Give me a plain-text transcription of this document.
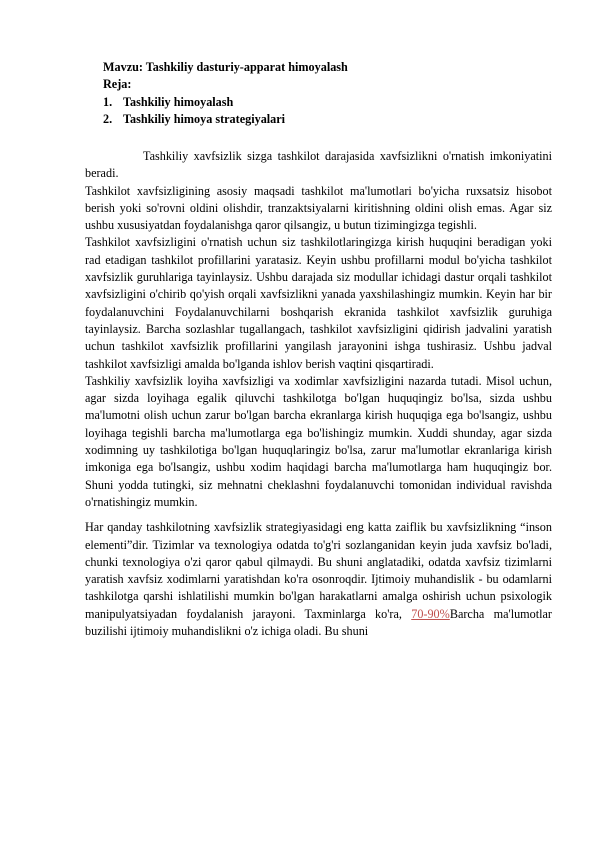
Mavzu: Tashkiliy dasturiy-apparat himoyalash
Reja:
1. Tashkiliy himoyalash
2. Tashkiliy himoya strategiyalari

Tashkiliy xavfsizlik sizga tashkilot darajasida xavfsizlikni o'rnatish imkoniyatini beradi.

Tashkilot xavfsizligining asosiy maqsadi tashkilot ma'lumotlari bo'yicha ruxsatsiz hisobot berish yoki so'rovni oldini olishdir, tranzaktsiyalarni kiritishning oldini olish emas. Agar siz ushbu xususiyatdan foydalanishga qaror qilsangiz, u butun tizimingizga tegishli.

Tashkilot xavfsizligini o'rnatish uchun siz tashkilotlaringizga kirish huquqini beradigan yoki rad etadigan tashkilot profillarini yaratasiz. Keyin ushbu profillarni modul bo'yicha tashkilot xavfsizlik guruhlariga tayinlaysiz. Ushbu darajada siz modullar ichidagi dastur orqali tashkilot xavfsizligini o'chirib qo'yish orqali xavfsizlikni yanada yaxshilashingiz mumkin. Keyin har bir foydalanuvchini Foydalanuvchilarni boshqarish ekranida tashkilot xavfsizlik guruhiga tayinlaysiz. Barcha sozlashlar tugallangach, tashkilot xavfsizligini qidirish jadvalini yaratish uchun tashkilot xavfsizlik profillarini yangilash jarayonini ishga tushirasiz. Ushbu jadval tashkilot xavfsizligi amalda bo'lganda ishlov berish vaqtini qisqartiradi.

Tashkiliy xavfsizlik loyiha xavfsizligi va xodimlar xavfsizligini nazarda tutadi. Misol uchun, agar sizda loyihaga egalik qiluvchi tashkilotga bo'lgan huquqingiz bo'lsa, sizda ushbu ma'lumotni olish uchun zarur bo'lgan barcha ekranlarga kirish huquqiga ega bo'lsangiz, ushbu loyihaga tegishli barcha ma'lumotlarga ega bo'lishingiz mumkin. Xuddi shunday, agar sizda xodimning uy tashkilotiga bo'lgan huquqlaringiz bo'lsa, zarur ma'lumotlar ekranlariga kirish imkoniga ega bo'lsangiz, ushbu xodim haqidagi barcha ma'lumotlarga ham huquqingiz bor. Shuni yodda tutingki, siz mehnatni cheklashni foydalanuvchi tomonidan individual ravishda o'rnatishingiz mumkin.

Har qanday tashkilotning xavfsizlik strategiyasidagi eng katta zaiflik bu xavfsizlikning “inson elementi”dir. Tizimlar va texnologiya odatda to'g'ri sozlanganidan keyin juda xavfsiz bo'ladi, chunki texnologiya o'zi qaror qabul qilmaydi. Bu shuni anglatadiki, odatda xavfsiz tizimlarni yaratish xavfsiz xodimlarni yaratishdan ko'ra osonroqdir. Ijtimoiy muhandislik - bu odamlarni tashkilotga qarshi ishlatilishi mumkin bo'lgan harakatlarni amalga oshirish uchun psixologik manipulyatsiyadan foydalanish jarayoni. Taxminlarga ko'ra, 70-90%Barcha ma'lumotlar buzilishi ijtimoiy muhandislikni o'z ichiga oladi. Bu shuni
